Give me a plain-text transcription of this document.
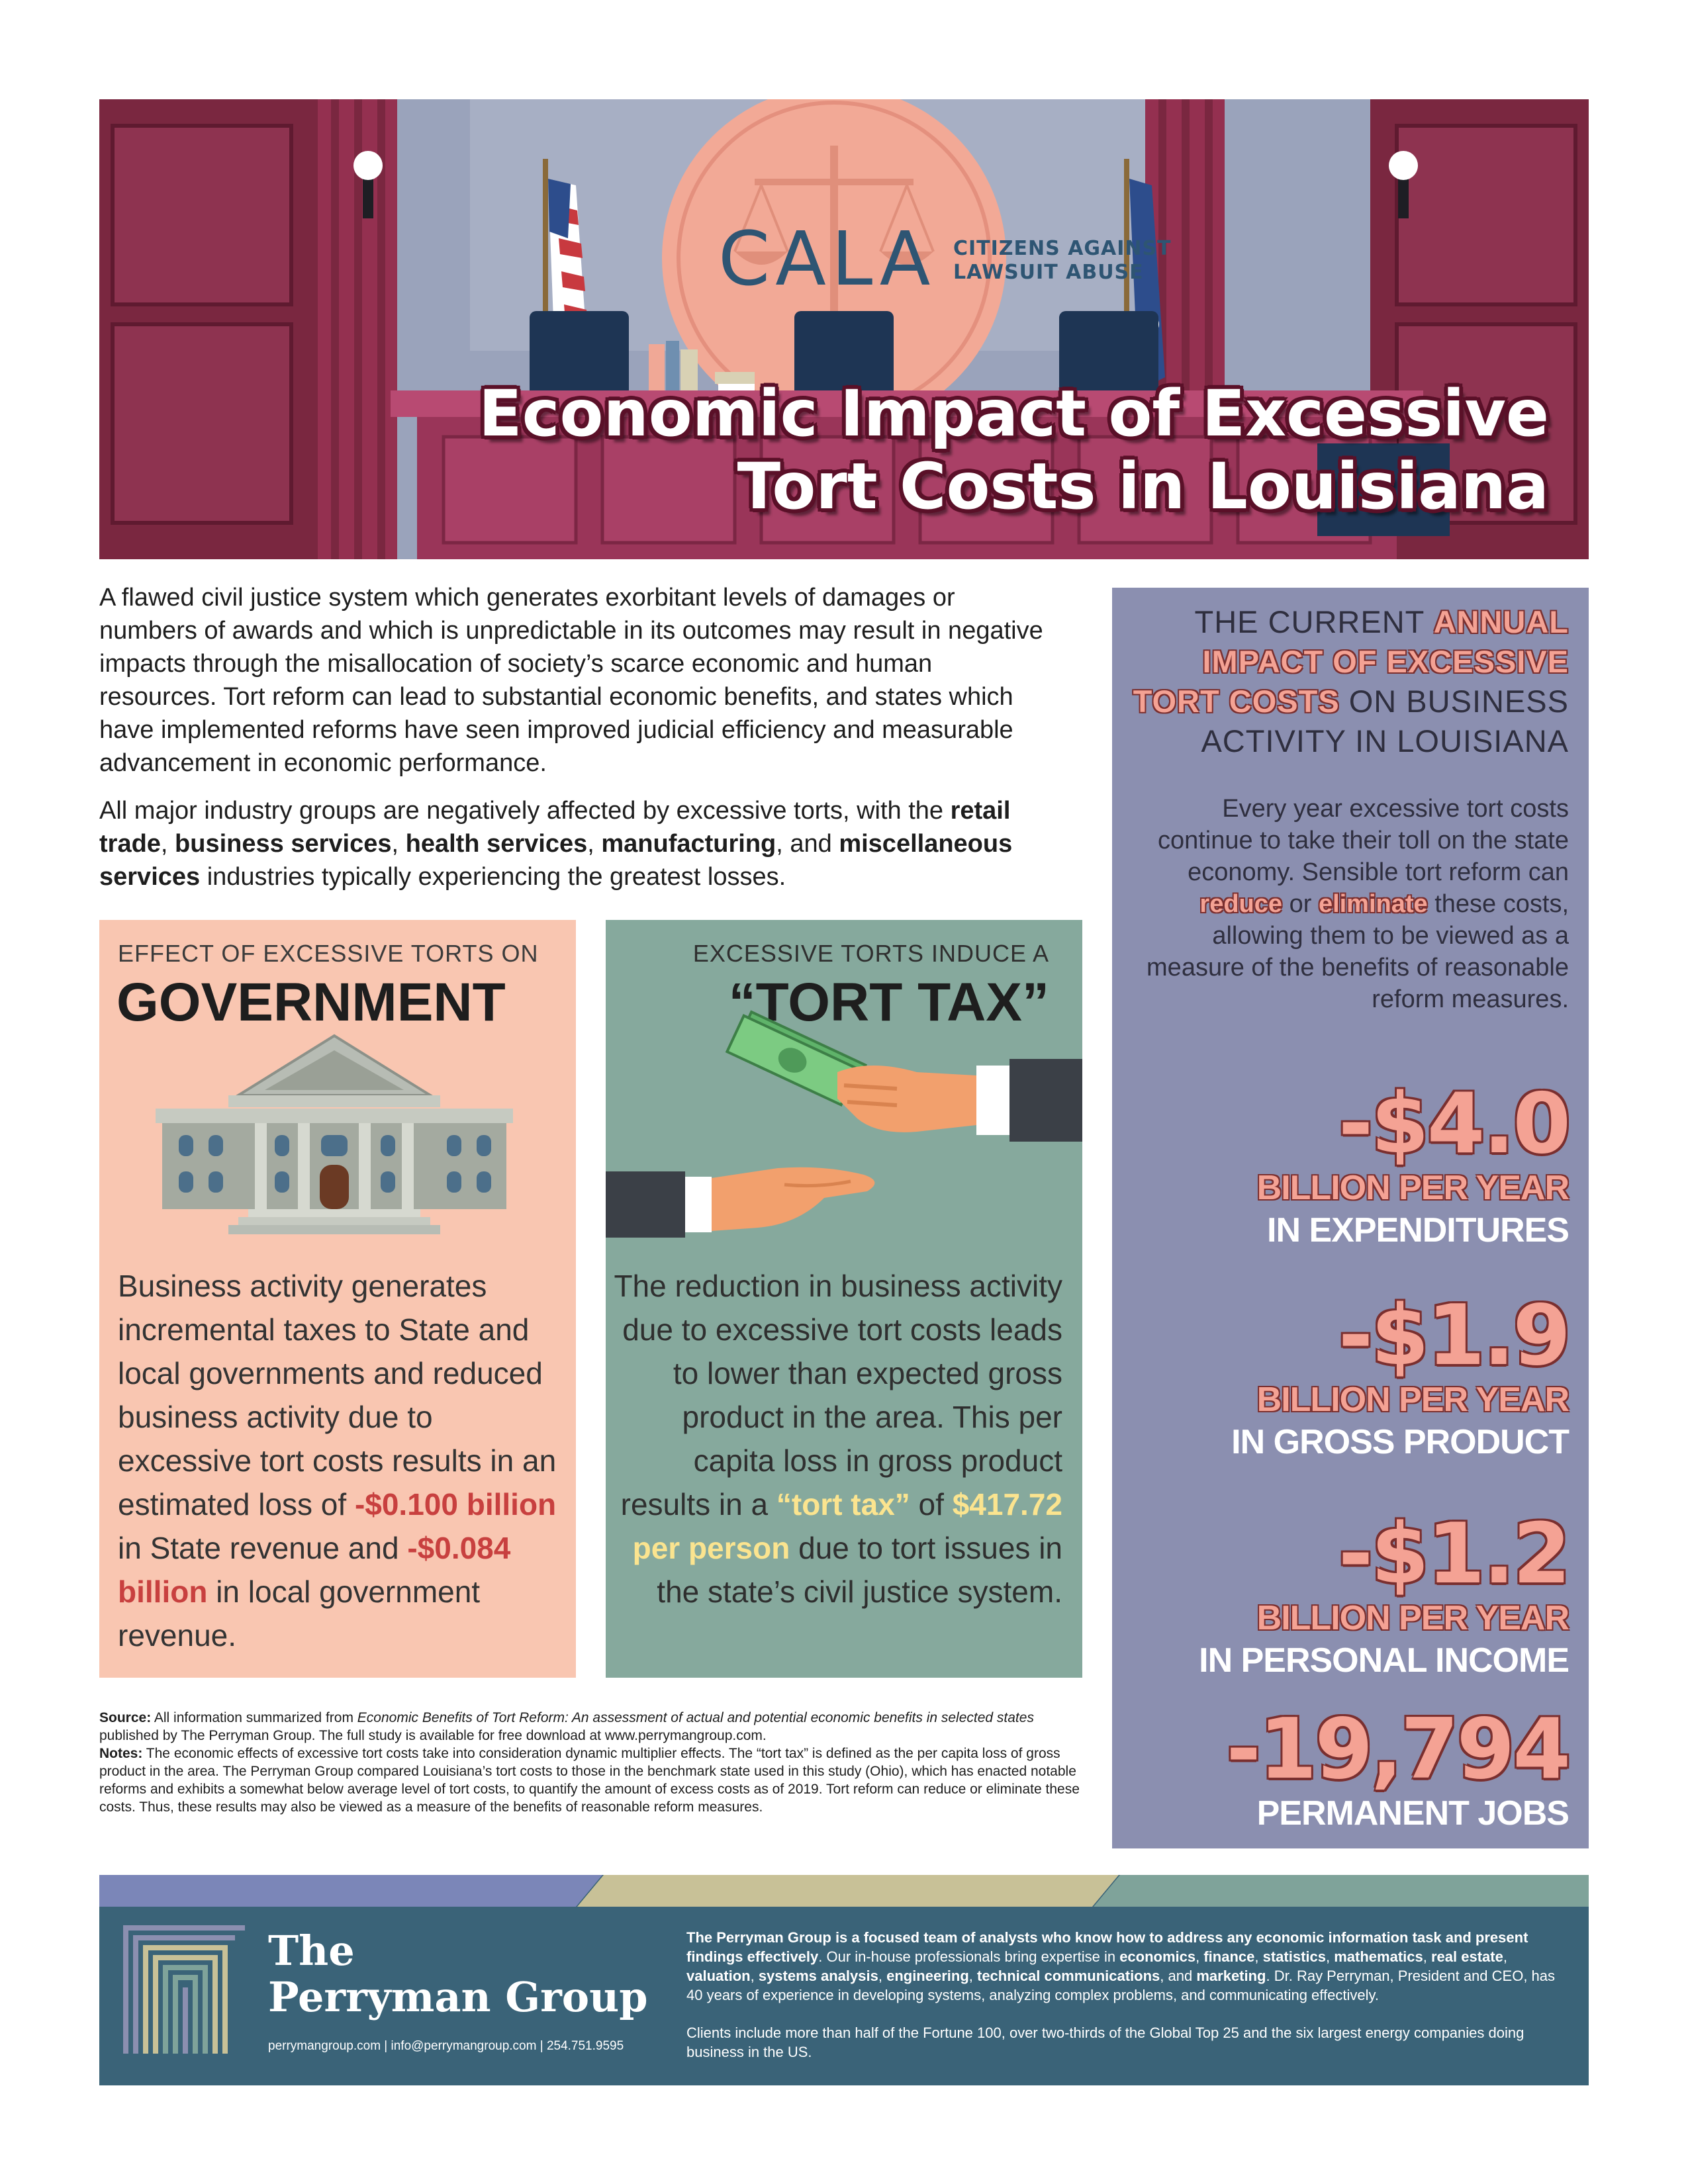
CALA CITIZENS AGAINST
LAWSUIT ABUSE
Economic Impact of Excessive
Tort Costs in Louisiana

A flawed civil justice system which generates exorbitant levels of damages or numbers of awards and which is unpredictable in its outcomes may result in negative impacts through the misallocation of society’s scarce economic and human resources. Tort reform can lead to substantial economic benefits, and states which have implemented reforms have seen improved judicial efficiency and measurable advancement in economic performance.

All major industry groups are negatively affected by excessive torts, with the retail trade, business services, health services, manufacturing, and miscellaneous services industries typically experiencing the greatest losses.

EFFECT OF EXCESSIVE TORTS ON
GOVERNMENT
Business activity generates incremental taxes to State and local governments and reduced business activity due to excessive tort costs results in an estimated loss of -$0.100 billion in State revenue and -$0.084 billion in local government revenue.
EXCESSIVE TORTS INDUCE A
“TORT TAX”
The reduction in business activity due to excessive tort costs leads to lower than expected gross product in the area. This per capita loss in gross product results in a “tort tax” of $417.72 per person due to tort issues in the state’s civil justice system.
THE CURRENT ANNUAL
IMPACT OF EXCESSIVE
TORT COSTS ON BUSINESS ACTIVITY IN LOUISIANA
Every year excessive tort costs continue to take their toll on the state economy. Sensible tort reform can reduce or eliminate these costs, allowing them to be viewed as a measure of the benefits of reasonable reform measures.
-$4.0
BILLION PER YEAR
IN EXPENDITURES
-$1.9
BILLION PER YEAR
IN GROSS PRODUCT
-$1.2
BILLION PER YEAR
IN PERSONAL INCOME
-19,794
PERMANENT JOBS
Source: All information summarized from Economic Benefits of Tort Reform: An assessment of actual and potential economic benefits in selected states published by The Perryman Group. The full study is available for free download at www.perrymangroup.com.
Notes: The economic effects of excessive tort costs take into consideration dynamic multiplier effects. The “tort tax” is defined as the per capita loss of gross product in the area. The Perryman Group compared Louisiana’s tort costs to those in the benchmark state used in this study (Ohio), which has enacted notable reforms and exhibits a somewhat below average level of tort costs, to quantify the amount of excess costs as of 2019. Tort reform can reduce or eliminate these costs. Thus, these results may also be viewed as a measure of the benefits of reasonable reform measures.
The
Perryman Group
perrymangroup.com | info@perrymangroup.com | 254.751.9595

The Perryman Group is a focused team of analysts who know how to address any economic information task and present findings effectively. Our in-house professionals bring expertise in economics, finance, statistics, mathematics, real estate, valuation, systems analysis, engineering, technical communications, and marketing. Dr. Ray Perryman, President and CEO, has 40 years of experience in developing systems, analyzing complex problems, and communicating effectively.

Clients include more than half of the Fortune 100, over two-thirds of the Global Top 25 and the six largest energy companies doing business in the US.
